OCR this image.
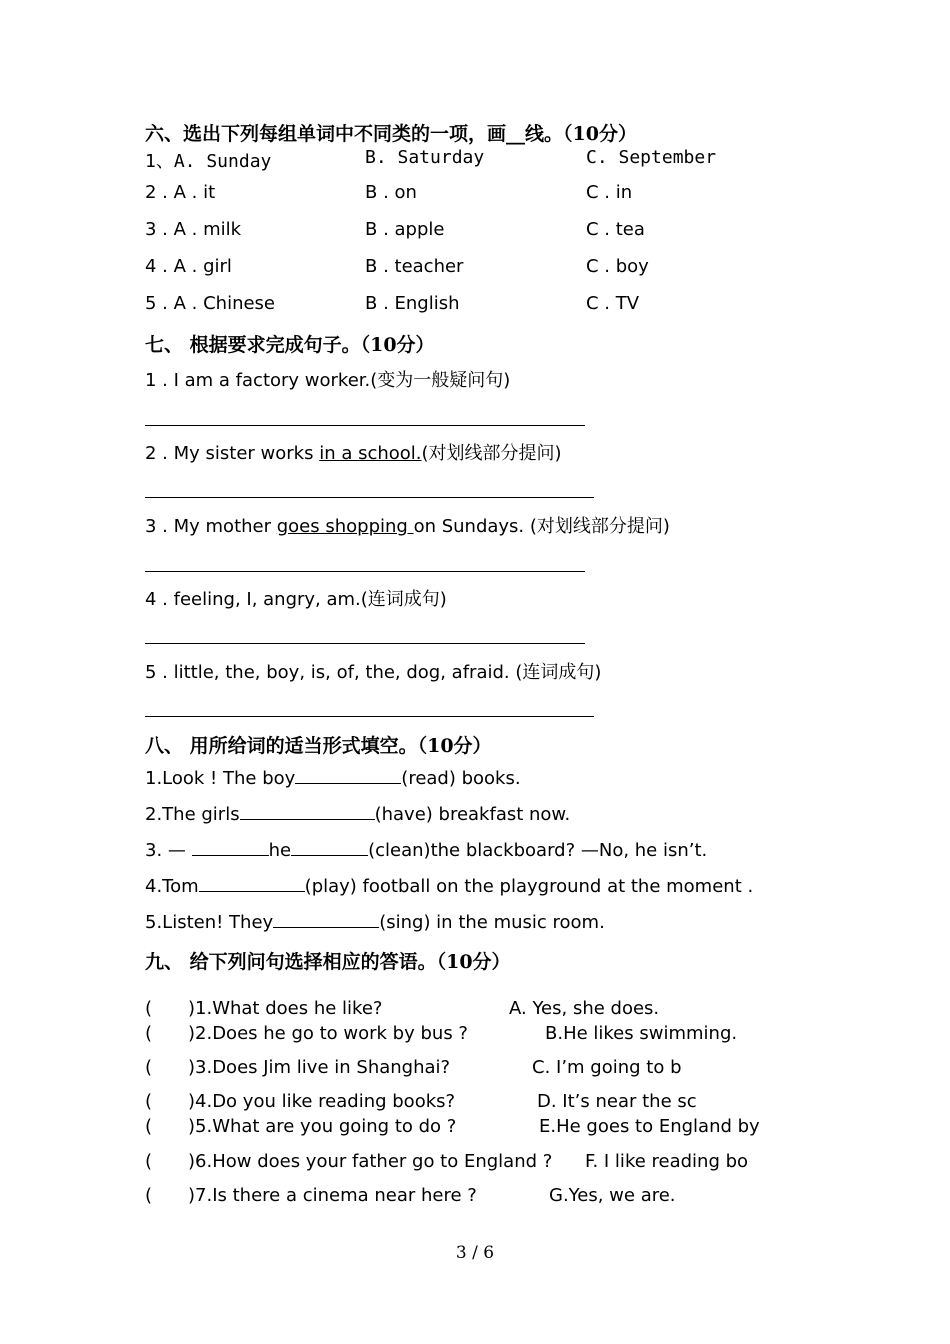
六、选出下列每组单词中不同类的一项，画__线。（10分）
1、A. Sunday	B. Saturday	C. September
2 . A . it	B . on	C . in
3 . A . milk	B . apple	C . tea
4 . A . girl	B . teacher	C . boy
5 . A . Chinese	B . English	C . TV
七、 根据要求完成句子。（10分）
1 . I am a factory worker.(变为一般疑问句)
2 . My sister works in a school.(对划线部分提问)
3 . My mother goes shopping on Sundays. (对划线部分提问)
4 . feeling, I, angry, am.(连词成句)
5 . little, the, boy, is, of, the, dog, afraid. (连词成句)
八、 用所给词的适当形式填空。（10分）
1.Look ! The boy	(read) books.
2.The girls	(have) breakfast now.
3. —	he	(clean)the blackboard? —No, he isn’t.
4.Tom	(play) football on the playground at the moment .
5.Listen! They	(sing) in the music room.
九、 给下列问句选择相应的答语。（10分）
( )1.What does he like?	A. Yes, she does.
( )2.Does he go to work by bus ?	B.He likes swimming.
( )3.Does Jim live in Shanghai?	C. I’m going to b
( )4.Do you like reading books?	D. It’s near the sc
( )5.What are you going to do ?	E.He goes to England by
( )6.How does your father go to England ? F. I like reading bo
( )7.Is there a cinema near here ?	G.Yes, we are.
3 / 6
